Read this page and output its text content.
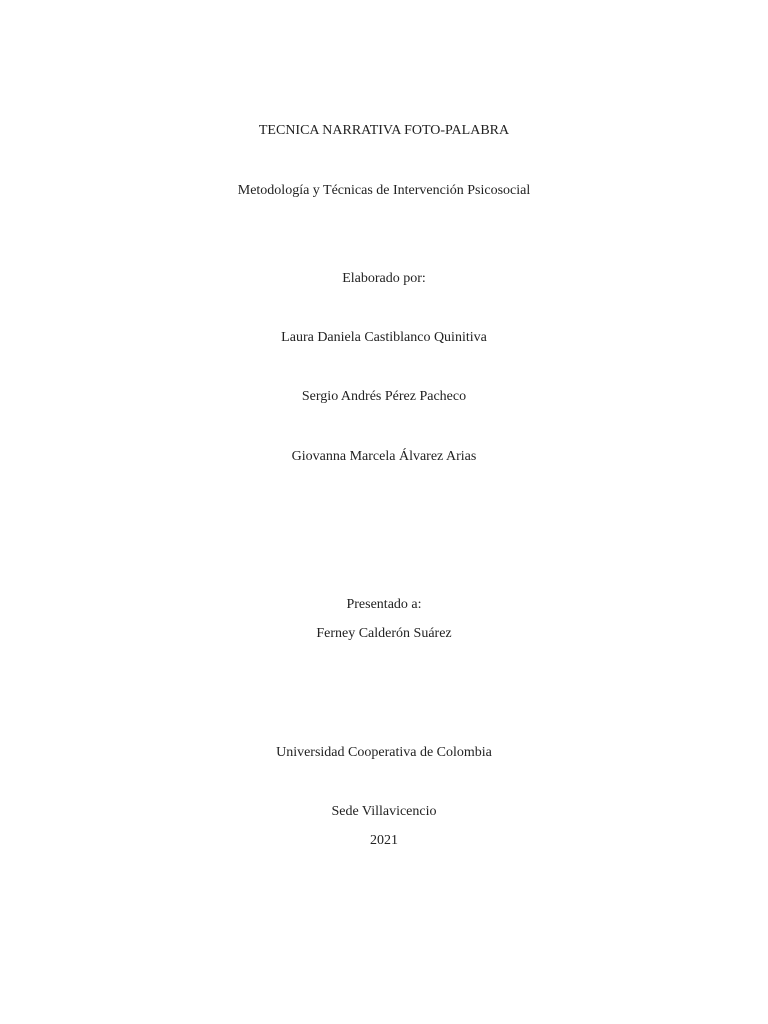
TECNICA NARRATIVA FOTO-PALABRA
Metodología y Técnicas de Intervención Psicosocial
Elaborado por:
Laura Daniela Castiblanco Quinitiva
Sergio Andrés Pérez Pacheco
Giovanna Marcela Álvarez Arias
Presentado a:
Ferney Calderón Suárez
Universidad Cooperativa de Colombia
Sede Villavicencio
2021
